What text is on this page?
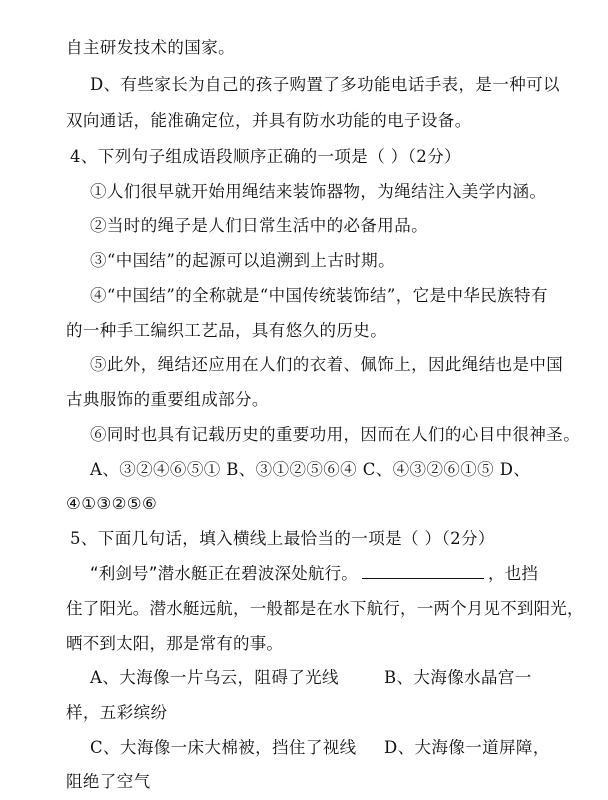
自主研发技术的国家。
D、有些家长为自己的孩子购置了多功能电话手表，是一种可以
双向通话，能准确定位，并具有防水功能的电子设备。
4、下列句子组成语段顺序正确的一项是（ ）（2分）
①人们很早就开始用绳结来装饰器物，为绳结注入美学内涵。
②当时的绳子是人们日常生活中的必备用品。
③“中国结”的起源可以追溯到上古时期。
④“中国结”的全称就是“中国传统装饰结”，它是中华民族特有
的一种手工编织工艺品，具有悠久的历史。
⑤此外，绳结还应用在人们的衣着、佩饰上，因此绳结也是中国
古典服饰的重要组成部分。
⑥同时也具有记载历史的重要功用，因而在人们的心目中很神圣。
A、③②④⑥⑤① B、③①②⑤⑥④ C、④③②⑥①⑤ D、
④①③②⑤⑥
5、下面几句话，填入横线上最恰当的一项是（ ）（2分）
“利剑号”潜水艇正在碧波深处航行。	，也挡
住了阳光。潜水艇远航，一般都是在水下航行，一两个月见不到阳光，
晒不到太阳，那是常有的事。
A、大海像一片乌云，阻碍了光线	B、大海像水晶宫一
样，五彩缤纷
C、大海像一床大棉被，挡住了视线 D、大海像一道屏障，
阻绝了空气
